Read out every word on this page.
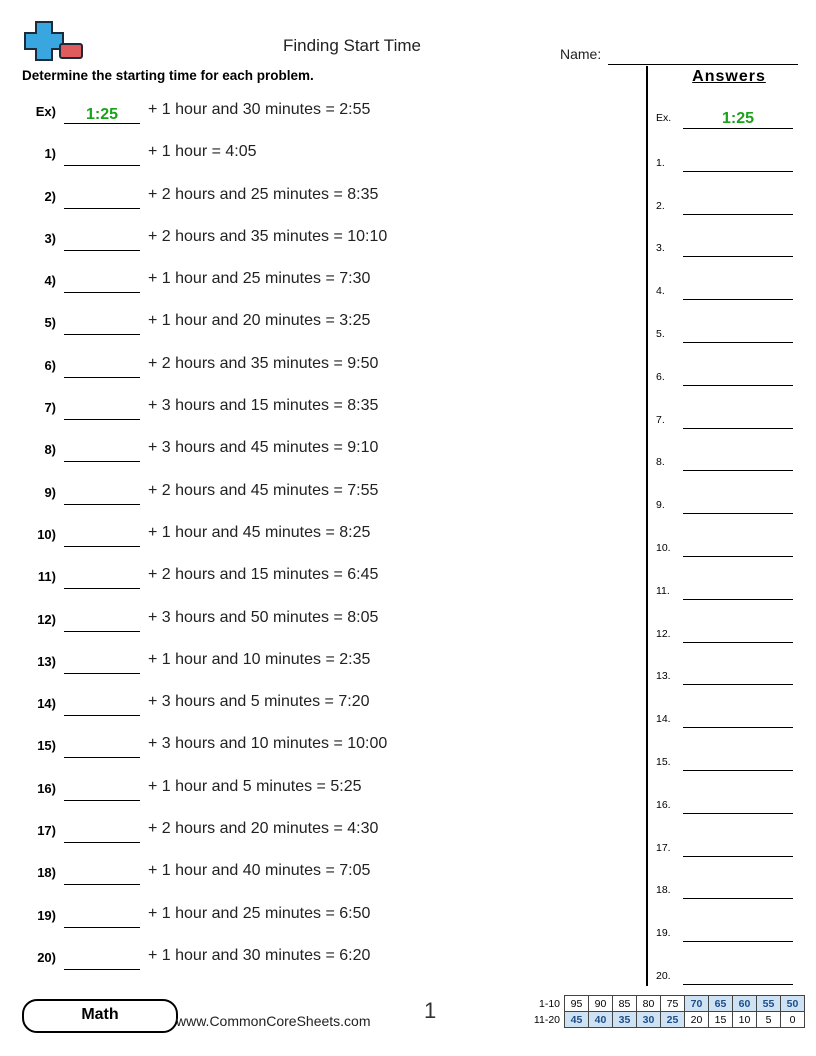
Finding Start Time	Name:
Determine the starting time for each problem.
Ex)	1:25	+ 1 hour and 30 minutes = 2:55
1)	+ 1 hour = 4:05
2)	+ 2 hours and 25 minutes = 8:35
3)	+ 2 hours and 35 minutes = 10:10
4)	+ 1 hour and 25 minutes = 7:30
5)	+ 1 hour and 20 minutes = 3:25
6)	+ 2 hours and 35 minutes = 9:50
7)	+ 3 hours and 15 minutes = 8:35
8)	+ 3 hours and 45 minutes = 9:10
9)	+ 2 hours and 45 minutes = 7:55
10)	+ 1 hour and 45 minutes = 8:25
11)	+ 2 hours and 15 minutes = 6:45
12)	+ 3 hours and 50 minutes = 8:05
13)	+ 1 hour and 10 minutes = 2:35
14)	+ 3 hours and 5 minutes = 7:20
15)	+ 3 hours and 10 minutes = 10:00
16)	+ 1 hour and 5 minutes = 5:25
17)	+ 2 hours and 20 minutes = 4:30
18)	+ 1 hour and 40 minutes = 7:05
19)	+ 1 hour and 25 minutes = 6:50
20)	+ 1 hour and 30 minutes = 6:20
Answers
Ex.	1:25
1.
2.
3.
4.
5.
6.
7.
8.
9.
10.
11.
12.
13.
14.
15.
16.
17.
18.
19.
20.
Math	www.CommonCoreSheets.com 1	1-10	95	90	85	80	75	70	65	60	55	50
11-20	45	40	35	30	25	20	15	10	5	0
